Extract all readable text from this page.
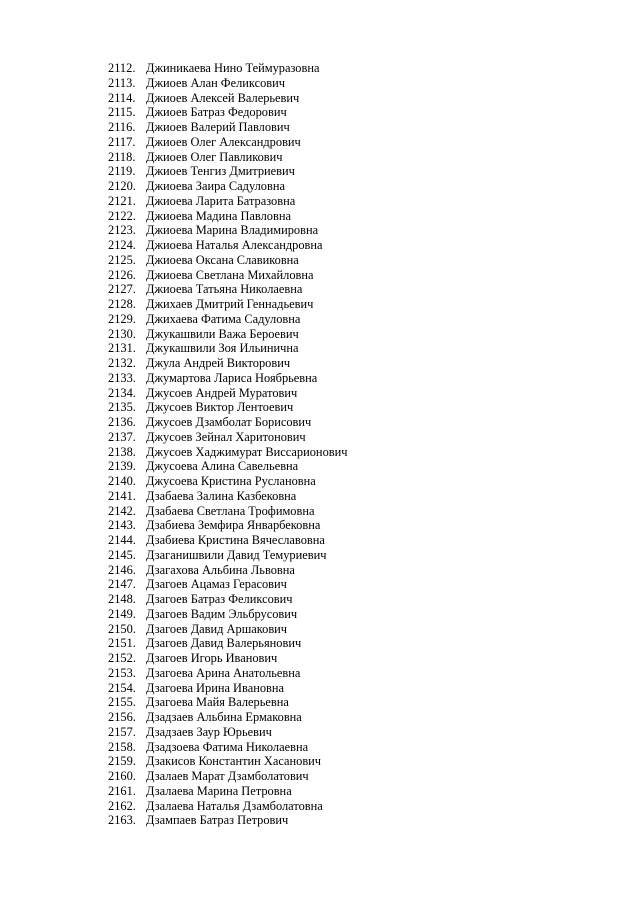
2112. Джиникаева Нино Теймуразовна
2113. Джиоев Алан Феликсович
2114. Джиоев Алексей Валерьевич
2115. Джиоев Батраз Федорович
2116. Джиоев Валерий Павлович
2117. Джиоев Олег Александрович
2118. Джиоев Олег Павликович
2119. Джиоев Тенгиз Дмитриевич
2120. Джиоева Заира Садуловна
2121. Джиоева Ларита Батразовна
2122. Джиоева Мадина Павловна
2123. Джиоева Марина Владимировна
2124. Джиоева Наталья Александровна
2125. Джиоева Оксана Славиковна
2126. Джиоева Светлана Михайловна
2127. Джиоева Татьяна Николаевна
2128. Джихаев Дмитрий Геннадьевич
2129. Джихаева Фатима Садуловна
2130. Джукашвили Важа Бероевич
2131. Джукашвили Зоя Ильинична
2132. Джула Андрей Викторович
2133. Джумартова Лариса Ноябрьевна
2134. Джусоев Андрей Муратович
2135. Джусоев Виктор Лентоевич
2136. Джусоев Дзамболат Борисович
2137. Джусоев Зейнал Харитонович
2138. Джусоев Хаджимурат Виссарионович
2139. Джусоева Алина Савельевна
2140. Джусоева Кристина Руслановна
2141. Дзабаева Залина Казбековна
2142. Дзабаева Светлана Трофимовна
2143. Дзабиева Земфира Январбековна
2144. Дзабиева Кристина Вячеславовна
2145. Дзаганишвили Давид Темуриевич
2146. Дзагахова Альбина Львовна
2147. Дзагоев Ацамаз Герасович
2148. Дзагоев Батраз Феликсович
2149. Дзагоев Вадим Эльбрусович
2150. Дзагоев Давид Аршакович
2151. Дзагоев Давид Валерьянович
2152. Дзагоев Игорь Иванович
2153. Дзагоева Арина Анатольевна
2154. Дзагоева Ирина Ивановна
2155. Дзагоева Майя Валерьевна
2156. Дзадзаев Альбина Ермаковна
2157. Дзадзаев Заур Юрьевич
2158. Дзадзоева Фатима Николаевна
2159. Дзакисов Константин Хасанович
2160. Дзалаев Марат Дзамболатович
2161. Дзалаева Марина Петровна
2162. Дзалаева Наталья Дзамболатовна
2163. Дзампаев Батраз Петрович
